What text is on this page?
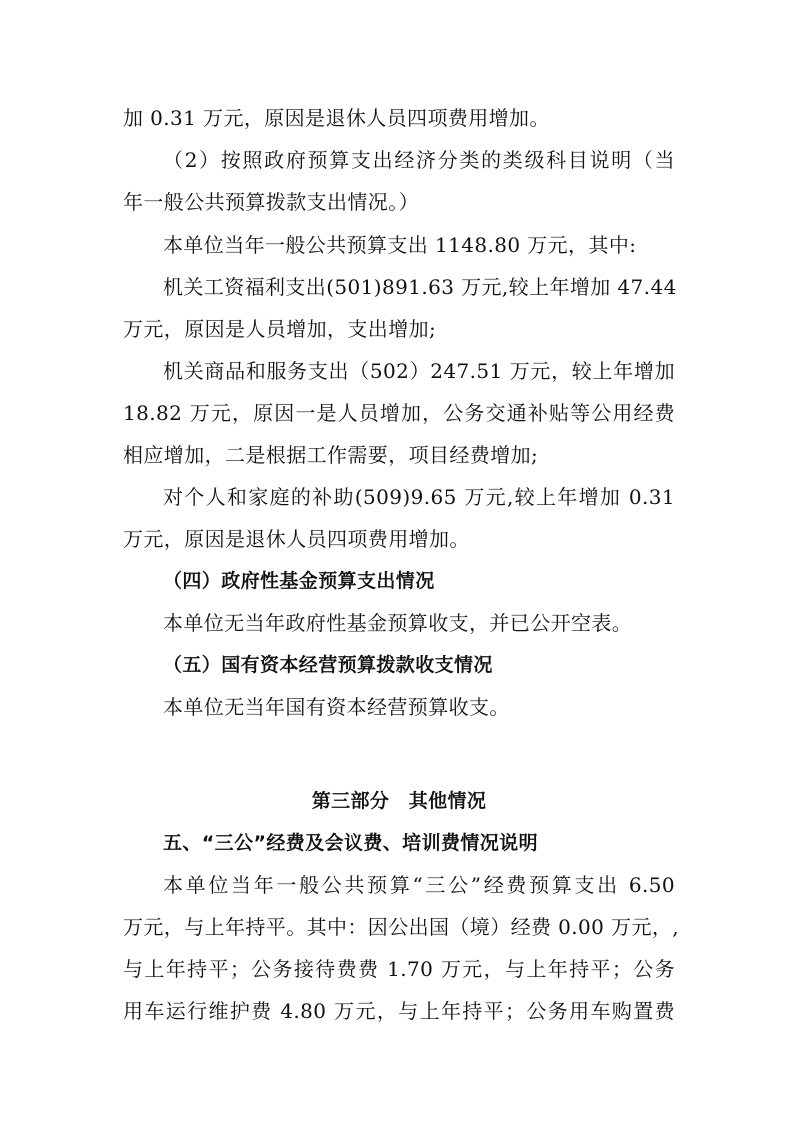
加 0.31 万元，原因是退休人员四项费用增加。
（2）按照政府预算支出经济分类的类级科目说明（当
年一般公共预算拨款支出情况。）
本单位当年一般公共预算支出 1148.80 万元，其中:
机关工资福利支出(501)891.63 万元,较上年增加 47.44
万元，原因是人员增加，支出增加;
机关商品和服务支出（502）247.51 万元，较上年增加
18.82 万元，原因一是人员增加，公务交通补贴等公用经费
相应增加，二是根据工作需要，项目经费增加;
对个人和家庭的补助(509)9.65 万元,较上年增加 0.31
万元，原因是退休人员四项费用增加。
（四）政府性基金预算支出情况
本单位无当年政府性基金预算收支，并已公开空表。
（五）国有资本经营预算拨款收支情况
本单位无当年国有资本经营预算收支。
第三部分　其他情况
五、“三公”经费及会议费、培训费情况说明
本单位当年一般公共预算“三公”经费预算支出 6.50
万元，与上年持平。其中：因公出国（境）经费 0.00 万元，,
与上年持平；公务接待费费 1.70 万元，与上年持平；公务
用车运行维护费 4.80 万元，与上年持平；公务用车购置费
